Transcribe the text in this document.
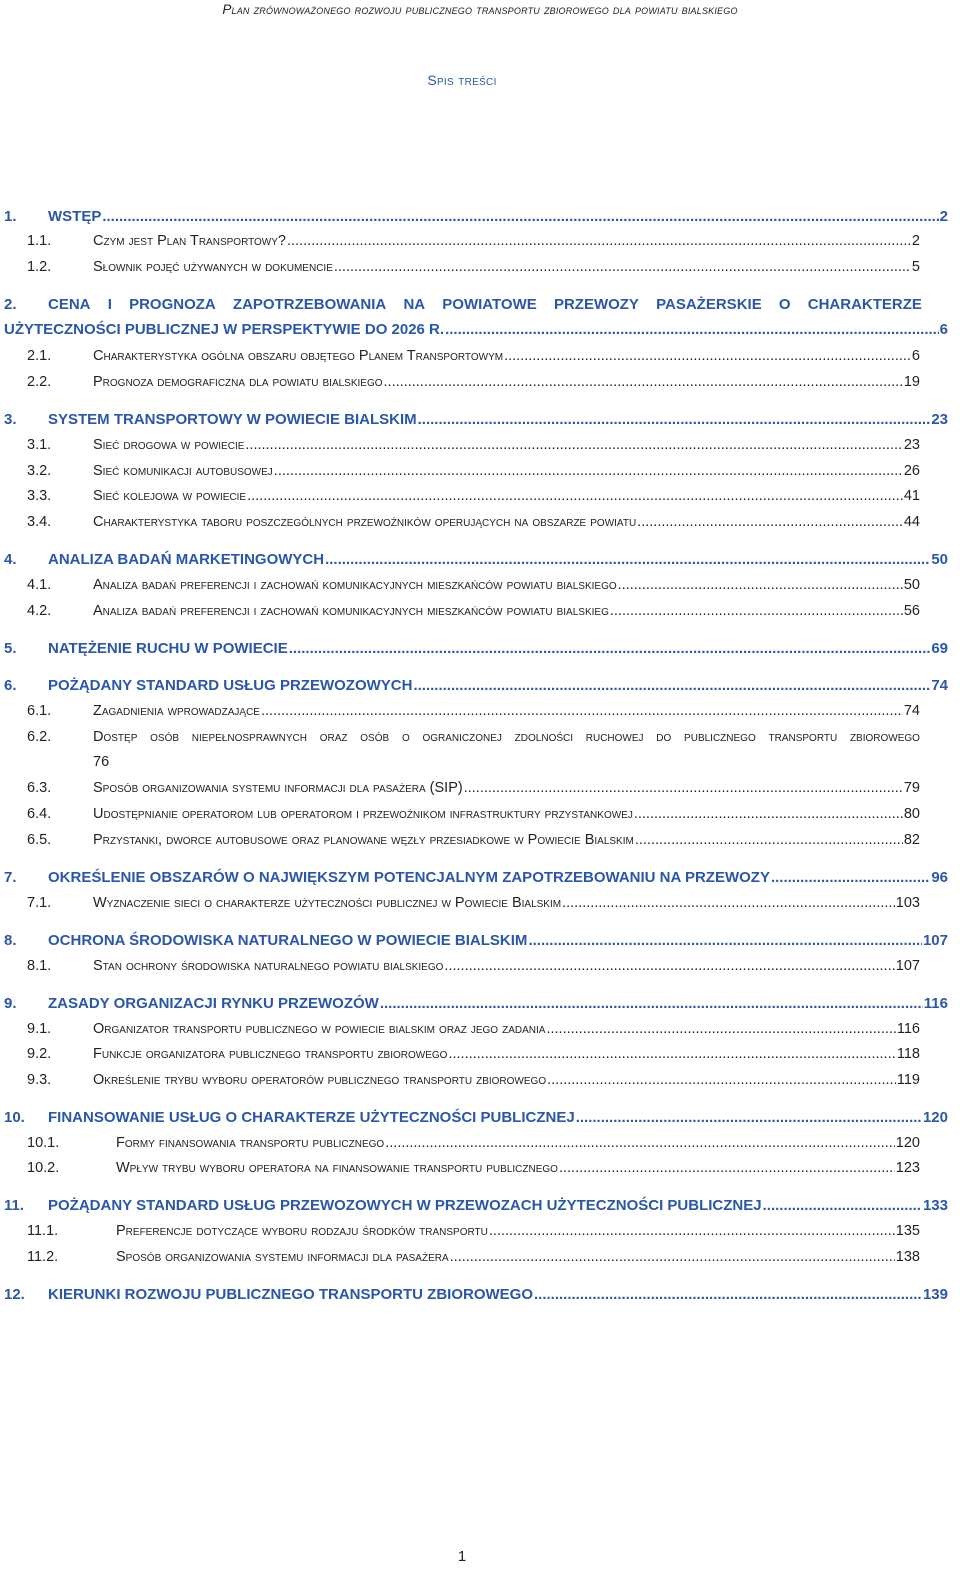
Plan zrównoważonego rozwoju publicznego transportu zbiorowego dla powiatu bialskiego
Spis treści
1. WSTĘP .....	2
1.1.	Czym jest Plan Transportowy? .....	2
1.2.	Słownik pojęć używanych w dokumencie .....	5
2. CENA I PROGNOZA ZAPOTRZEBOWANIA NA POWIATOWE PRZEWOZY PASAŻERSKIE O CHARAKTERZE
UŻYTECZNOŚCI PUBLICZNEJ W PERSPEKTYWIE DO 2026 R. .....	6
2.1.	Charakterystyka ogólna obszaru objętego Planem Transportowym .....	6
2.2.	Prognoza demograficzna dla powiatu bialskiego .....	19
3. SYSTEM TRANSPORTOWY W POWIECIE BIALSKIM .....	23
3.1.	Sieć drogowa w powiecie .....	23
3.2.	Sieć komunikacji autobusowej .....	26
3.3.	Sieć kolejowa w powiecie .....	41
3.4.	Charakterystyka taboru poszczególnych przewoźników operujących na obszarze powiatu .....	44
4. ANALIZA BADAŃ MARKETINGOWYCH .....	50
4.1.	Analiza badań preferencji i zachowań komunikacyjnych mieszkańców powiatu bialskiego .....	50
4.2.	Analiza badań preferencji i zachowań komunikacyjnych mieszkańców powiatu bialskieg .....	56
5. NATĘŻENIE RUCHU W POWIECIE .....	69
6. POŻĄDANY STANDARD USŁUG PRZEWOZOWYCH .....	74
6.1.	Zagadnienia wprowadzające .....	74
6.2.	Dostęp osób niepełnosprawnych oraz osób o ograniczonej zdolności ruchowej do publicznego transportu zbiorowego
76
6.3.	Sposób organizowania systemu informacji dla pasażera (SIP) .....	79
6.4.	Udostępnianie operatorom lub operatorom i przewoźnikom infrastruktury przystankowej .....	80
6.5.	Przystanki, dworce autobusowe oraz planowane węzły przesiadkowe w Powiecie Bialskim .....	82
7. OKREŚLENIE OBSZARÓW O NAJWIĘKSZYM POTENCJALNYM ZAPOTRZEBOWANIU NA PRZEWOZY .....	96
7.1.	Wyznaczenie sieci o charakterze użyteczności publicznej w Powiecie Bialskim .....	103
8. OCHRONA ŚRODOWISKA NATURALNEGO W POWIECIE BIALSKIM .....	107
8.1.	Stan ochrony środowiska naturalnego powiatu bialskiego .....	107
9. ZASADY ORGANIZACJI RYNKU PRZEWOZÓW .....	116
9.1.	Organizator transportu publicznego w powiecie bialskim oraz jego zadania .....	116
9.2.	Funkcje organizatora publicznego transportu zbiorowego .....	118
9.3.	Określenie trybu wyboru operatorów publicznego transportu zbiorowego .....	119
10. FINANSOWANIE USŁUG O CHARAKTERZE UŻYTECZNOŚCI PUBLICZNEJ .....	120
10.1.	Formy finansowania transportu publicznego .....	120
10.2.	Wpływ trybu wyboru operatora na finansowanie transportu publicznego .....	123
11. POŻĄDANY STANDARD USŁUG PRZEWOZOWYCH W PRZEWOZACH UŻYTECZNOŚCI PUBLICZNEJ .....	133
11.1.	Preferencje dotyczące wyboru rodzaju środków transportu .....	135
11.2.	Sposób organizowania systemu informacji dla pasażera .....	138
12. KIERUNKI ROZWOJU PUBLICZNEGO TRANSPORTU ZBIOROWEGO .....	139
1
